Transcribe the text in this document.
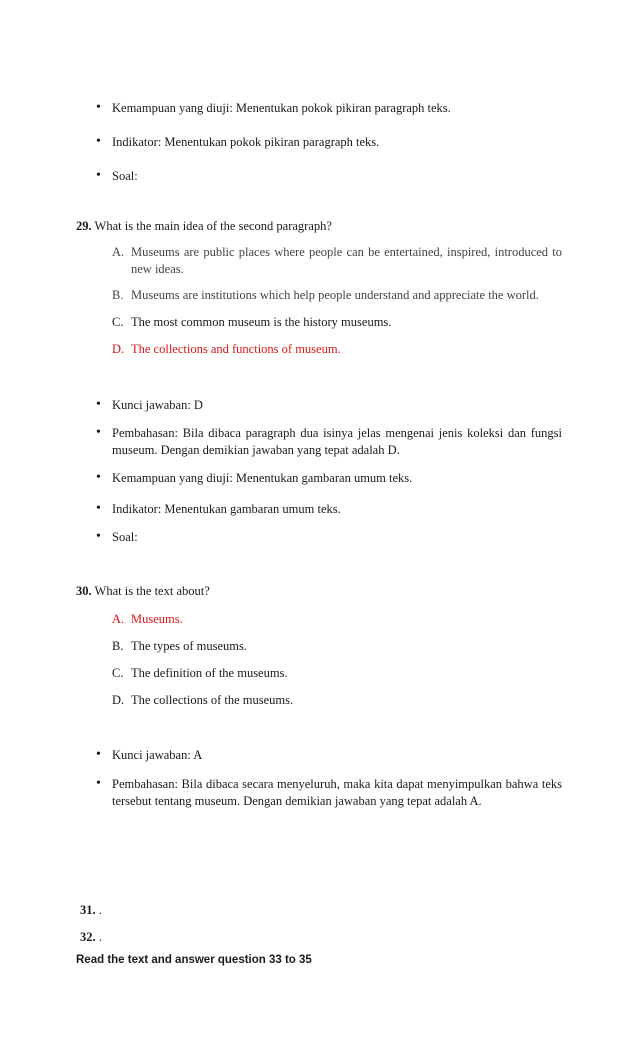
• Kemampuan yang diuji: Menentukan pokok pikiran paragraph teks.
• Indikator: Menentukan pokok pikiran paragraph teks.
• Soal:
29. What is the main idea of the second paragraph?
A. Museums are public places where people can be entertained, inspired, introduced to new ideas.
B. Museums are institutions which help people understand and appreciate the world.
C. The most common museum is the history museums.
D. The collections and functions of museum.
• Kunci jawaban: D
• Pembahasan: Bila dibaca paragraph dua isinya jelas mengenai jenis koleksi dan fungsi museum. Dengan demikian jawaban yang tepat adalah D.
• Kemampuan yang diuji: Menentukan gambaran umum teks.
• Indikator: Menentukan gambaran umum teks.
• Soal:
30. What is the text about?
A. Museums.
B. The types of museums.
C. The definition of the museums.
D. The collections of the museums.
• Kunci jawaban: A
• Pembahasan: Bila dibaca secara menyeluruh, maka kita dapat menyimpulkan bahwa teks tersebut tentang museum. Dengan demikian jawaban yang tepat adalah A.
31. .
32. .
Read the text and answer question 33 to 35
